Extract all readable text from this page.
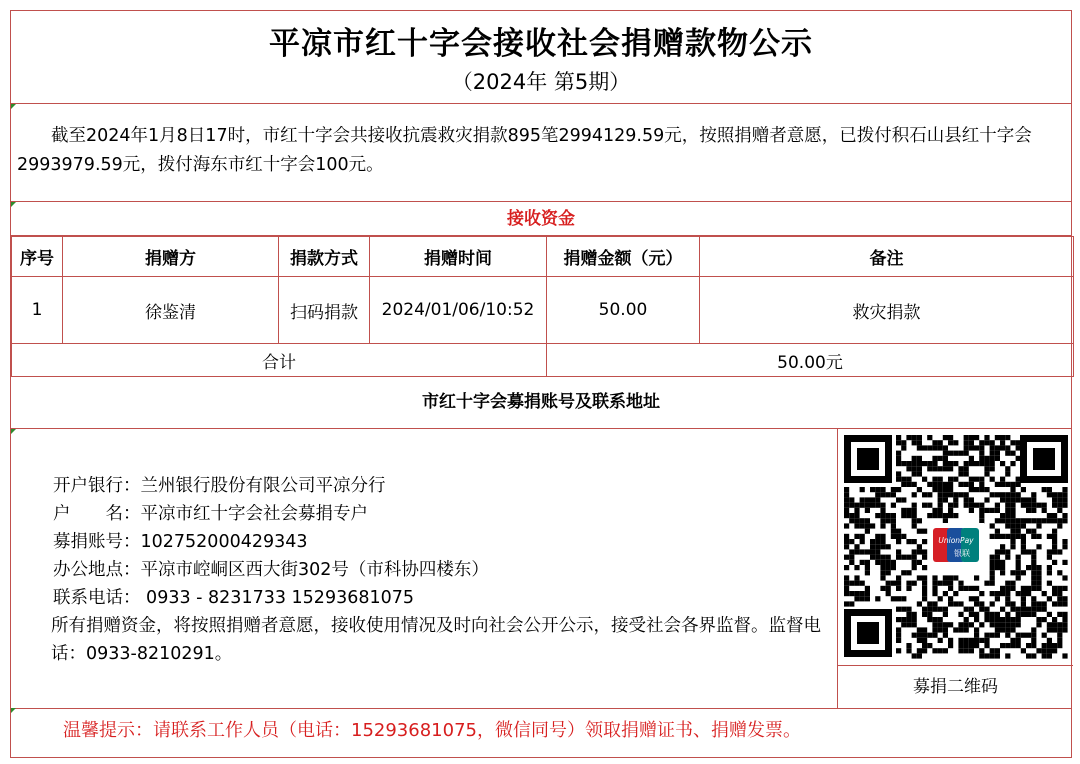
平凉市红十字会接收社会捐赠款物公示
（2024年 第5期）
截至2024年1月8日17时，市红十字会共接收抗震救灾捐款895笔2994129.59元，按照捐赠者意愿，已拨付积石山县红十字会2993979.59元，拨付海东市红十字会100元。
接收资金
序号	捐赠方	捐款方式	捐赠时间	捐赠金额（元）	备注
1	徐鉴清	扫码捐款	2024/01/06/10:52	50.00	救灾捐款
合计				50.00元	
市红十字会募捐账号及联系地址
开户银行：兰州银行股份有限公司平凉分行
户　　名：平凉市红十字会社会募捐专户
募捐账号：102752000429343
办公地点：平凉市崆峒区西大街302号（市科协四楼东）
联系电话： 0933 - 8231733 15293681075
所有捐赠资金，将按照捐赠者意愿，接收使用情况及时向社会公开公示，接受社会各界监督。监督电话：0933-8210291。
UnionPay
银联
募捐二维码
温馨提示：请联系工作人员（电话：15293681075，微信同号）领取捐赠证书、捐赠发票。
